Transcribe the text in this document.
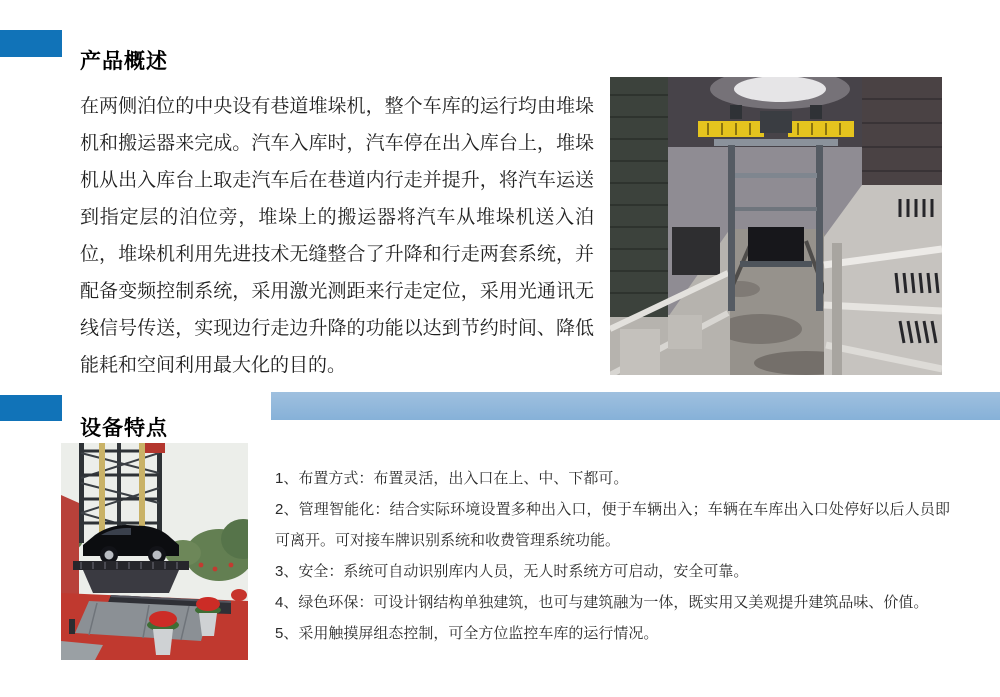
产品概述

在两侧泊位的中央设有巷道堆垛机，整个车库的运行均由堆垛机和搬运器来完成。汽车入库时，汽车停在出入库台上，堆垛机从出入库台上取走汽车后在巷道内行走并提升，将汽车运送到指定层的泊位旁，堆垛上的搬运器将汽车从堆垛机送入泊位，堆垛机利用先进技术无缝整合了升降和行走两套系统，并配备变频控制系统，采用激光测距来行走定位，采用光通讯无线信号传送，实现边行走边升降的功能以达到节约时间、降低能耗和空间利用最大化的目的。

设备特点
1、布置方式：布置灵活，出入口在上、中、下都可。
2、管理智能化：结合实际环境设置多种出入口，便于车辆出入；车辆在车库出入口处停好以后人员即可离开。可对接车牌识别系统和收费管理系统功能。
3、安全：系统可自动识别库内人员，无人时系统方可启动，安全可靠。
4、绿色环保：可设计钢结构单独建筑，也可与建筑融为一体，既实用又美观提升建筑品味、价值。
5、采用触摸屏组态控制，可全方位监控车库的运行情况。
